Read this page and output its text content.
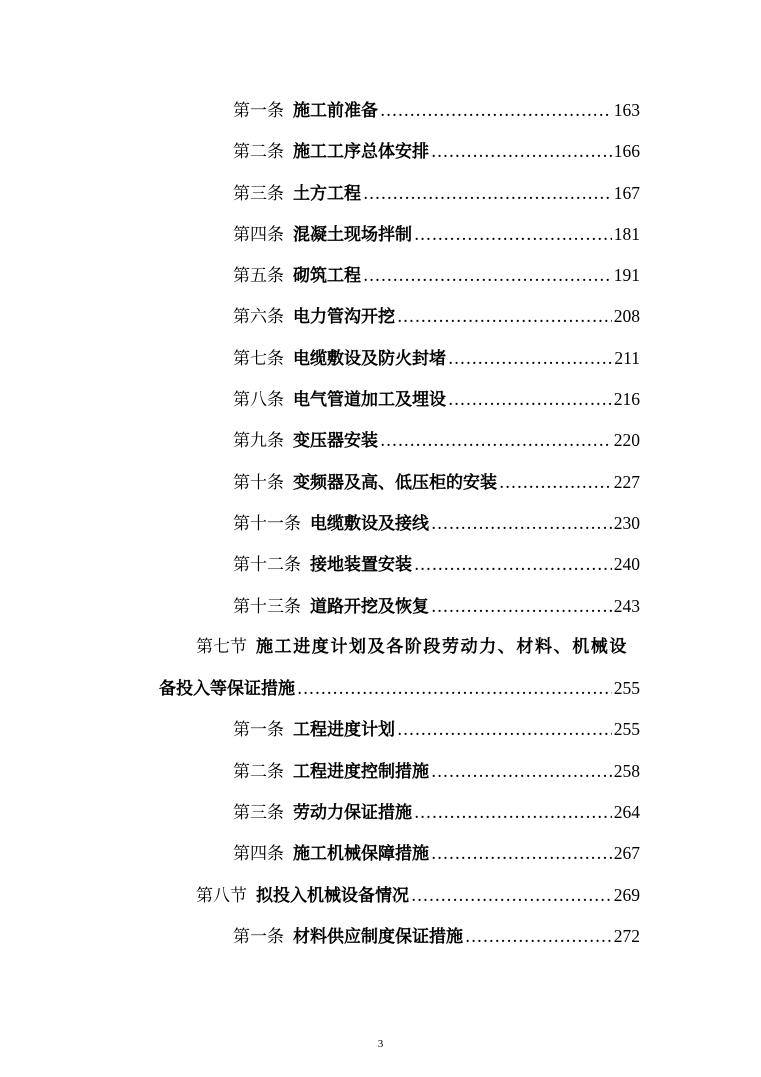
第一条 施工前准备 .....	163
第二条 施工工序总体安排 .....	166
第三条 土方工程 .....	167
第四条 混凝土现场拌制 .....	181
第五条 砌筑工程 .....	191
第六条 电力管沟开挖 .....	208
第七条 电缆敷设及防火封堵 .....	211
第八条 电气管道加工及埋设 .....	216
第九条 变压器安装 .....	220
第十条 变频器及高、低压柜的安装 .....	227
第十一条 电缆敷设及接线 .....	230
第十二条 接地装置安装 .....	240
第十三条 道路开挖及恢复 .....	243
第七节 施工进度计划及各阶段劳动力、材料、机械设
备投入等保证措施 .....	255
第一条 工程进度计划 .....	255
第二条 工程进度控制措施 .....	258
第三条 劳动力保证措施 .....	264
第四条 施工机械保障措施 .....	267
第八节 拟投入机械设备情况 .....	269
第一条 材料供应制度保证措施 .....	272
3
